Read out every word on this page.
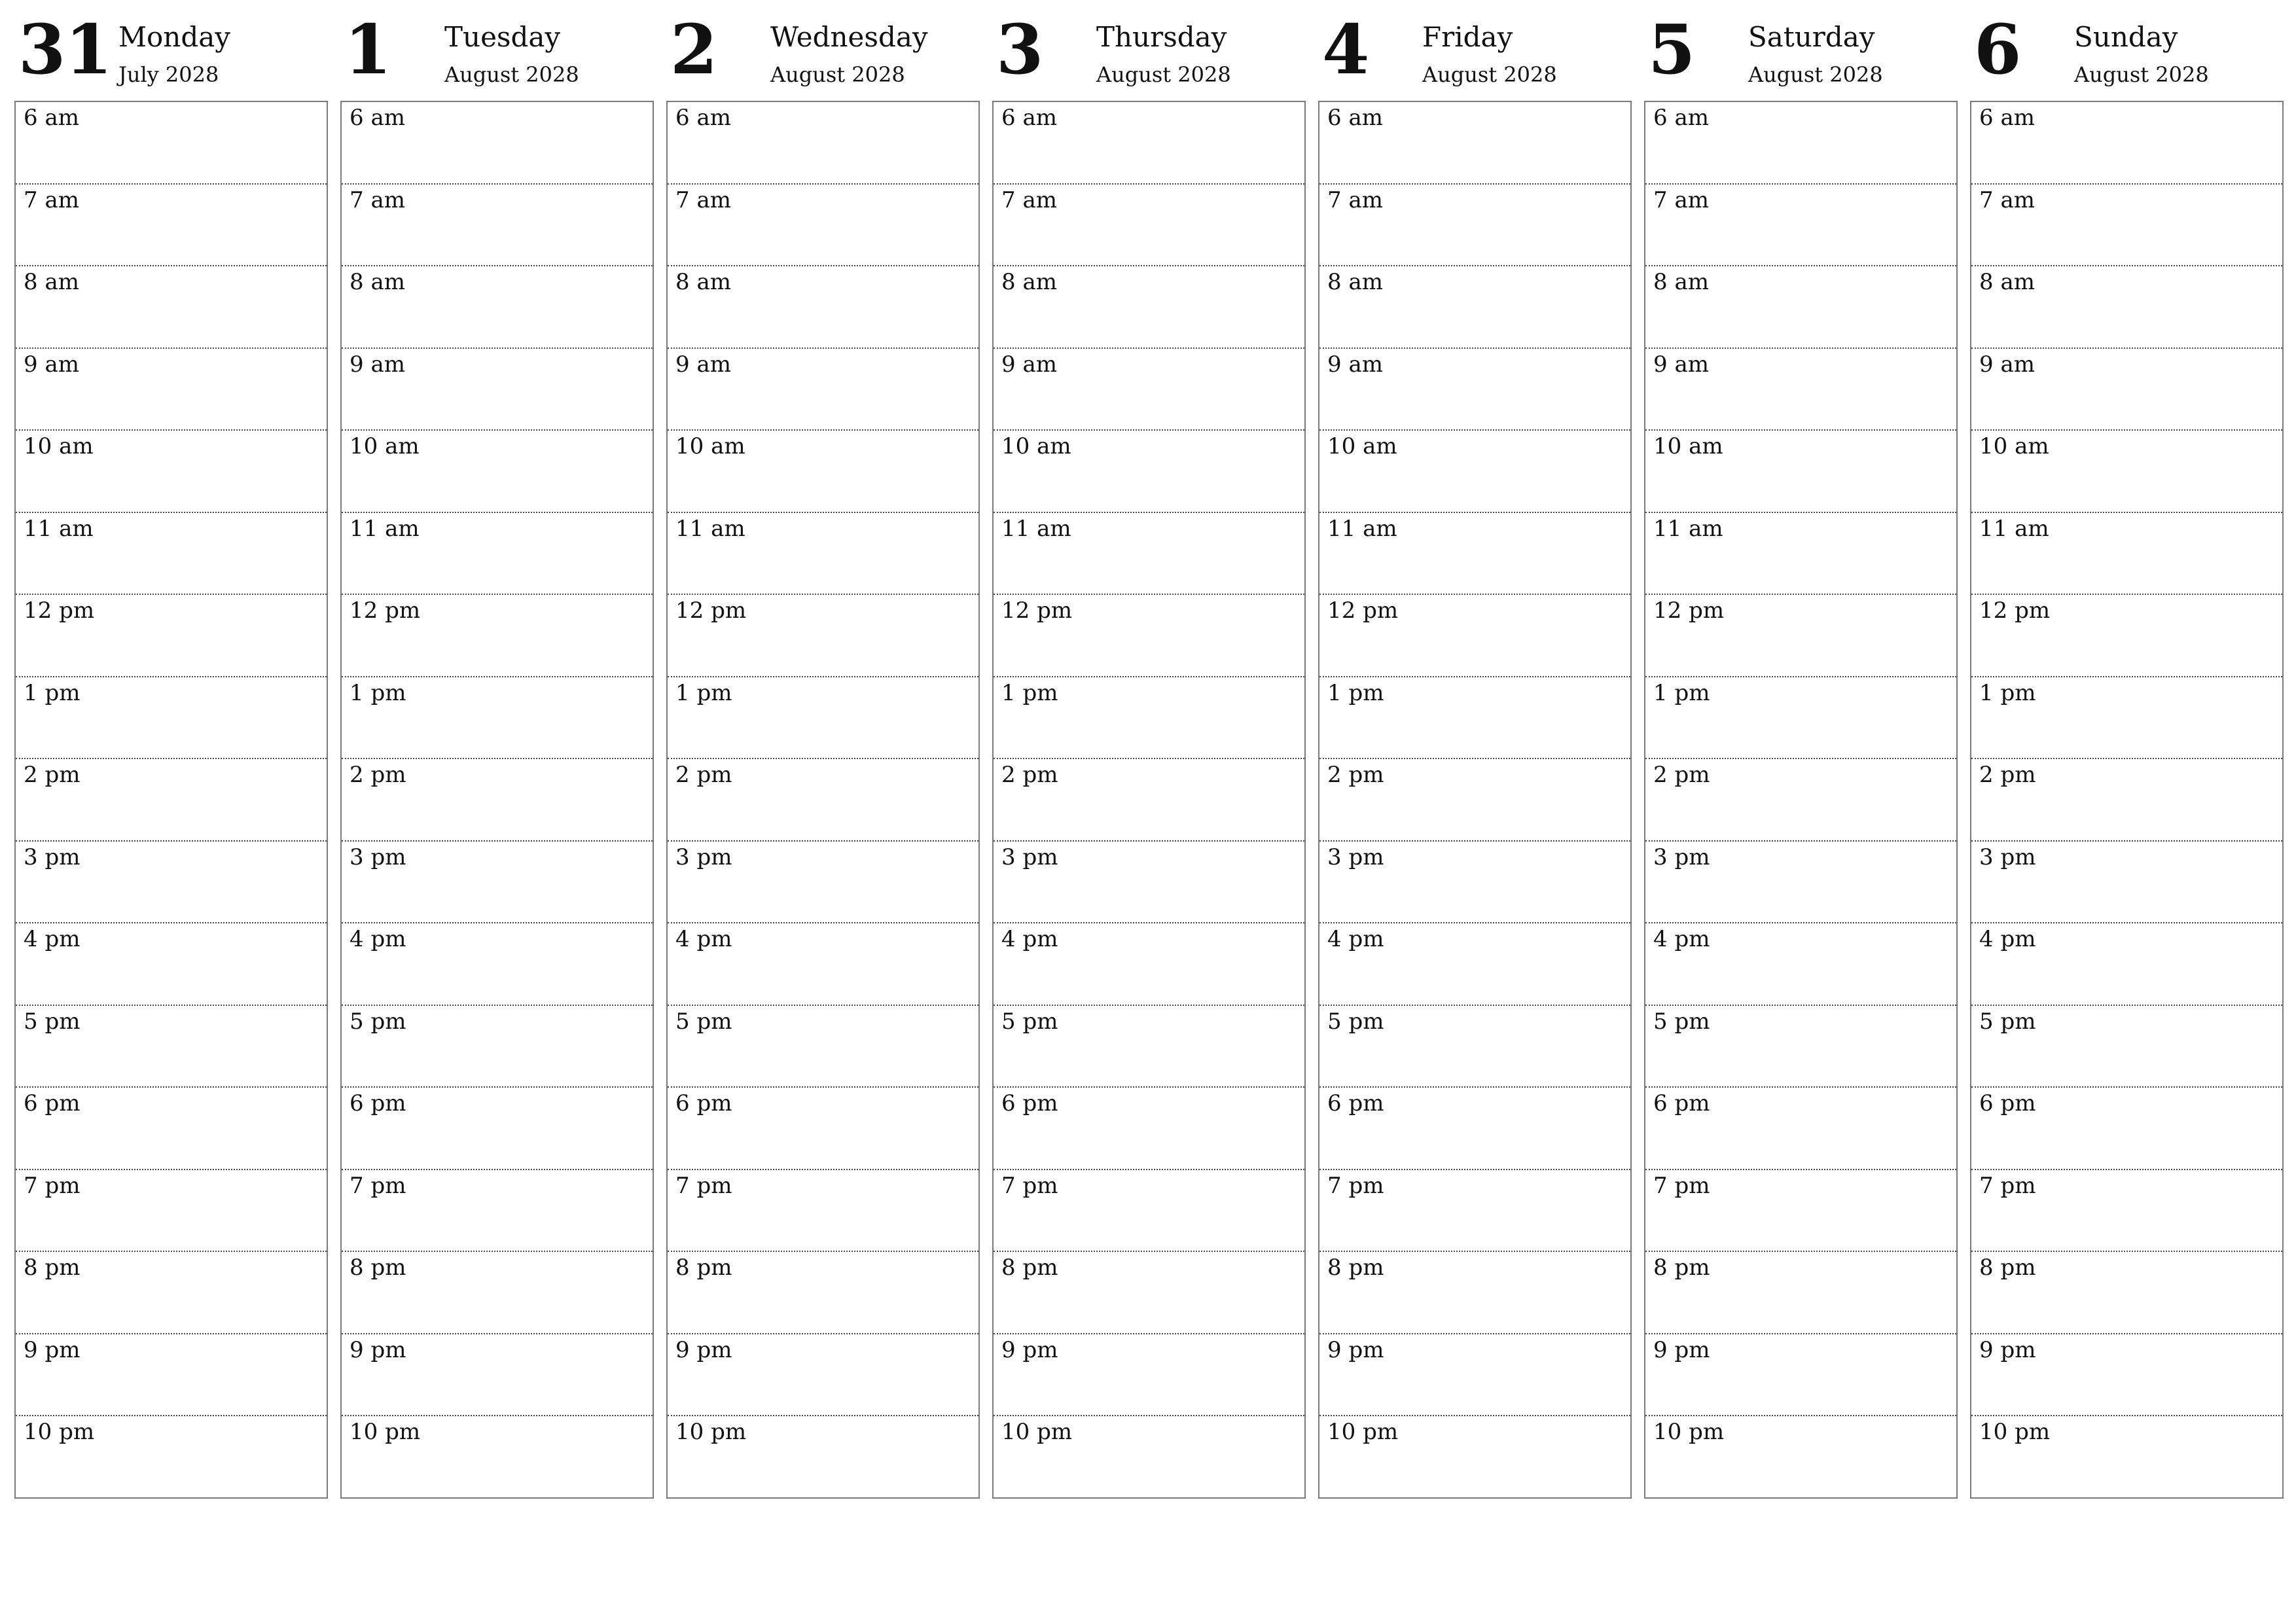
31 Monday
July 2028
6 am
7 am
8 am
9 am
10 am
11 am
12 pm
1 pm
2 pm
3 pm
4 pm
5 pm
6 pm
7 pm
8 pm
9 pm
10 pm
1 Tuesday
August 2028
6 am
7 am
8 am
9 am
10 am
11 am
12 pm
1 pm
2 pm
3 pm
4 pm
5 pm
6 pm
7 pm
8 pm
9 pm
10 pm
2 Wednesday
August 2028
6 am
7 am
8 am
9 am
10 am
11 am
12 pm
1 pm
2 pm
3 pm
4 pm
5 pm
6 pm
7 pm
8 pm
9 pm
10 pm
3 Thursday
August 2028
6 am
7 am
8 am
9 am
10 am
11 am
12 pm
1 pm
2 pm
3 pm
4 pm
5 pm
6 pm
7 pm
8 pm
9 pm
10 pm
4 Friday
August 2028
6 am
7 am
8 am
9 am
10 am
11 am
12 pm
1 pm
2 pm
3 pm
4 pm
5 pm
6 pm
7 pm
8 pm
9 pm
10 pm
5 Saturday
August 2028
6 am
7 am
8 am
9 am
10 am
11 am
12 pm
1 pm
2 pm
3 pm
4 pm
5 pm
6 pm
7 pm
8 pm
9 pm
10 pm
6 Sunday
August 2028
6 am
7 am
8 am
9 am
10 am
11 am
12 pm
1 pm
2 pm
3 pm
4 pm
5 pm
6 pm
7 pm
8 pm
9 pm
10 pm
